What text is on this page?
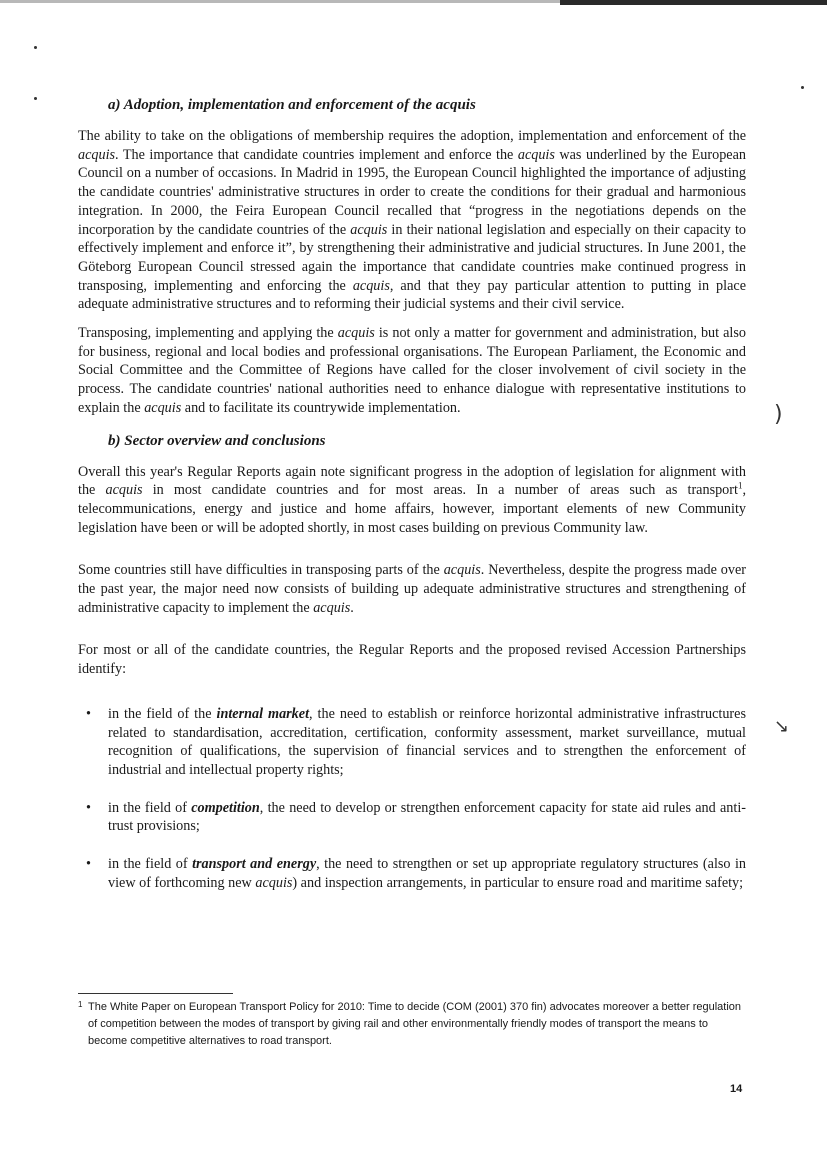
)
↘
a) Adoption, implementation and enforcement of the acquis

The ability to take on the obligations of membership requires the adoption, implementation and enforcement of the acquis. The importance that candidate countries implement and enforce the acquis was underlined by the European Council on a number of occasions. In Madrid in 1995, the European Council highlighted the importance of adjusting the candidate countries' administrative structures in order to create the conditions for their gradual and harmonious integration. In 2000, the Feira European Council recalled that “progress in the negotiations depends on the incorporation by the candidate countries of the acquis in their national legislation and especially on their capacity to effectively implement and enforce it”, by strengthening their administrative and judicial structures. In June 2001, the Göteborg European Council stressed again the importance that candidate countries make continued progress in transposing, implementing and enforcing the acquis, and that they pay particular attention to putting in place adequate administrative structures and to reforming their judicial systems and their civil service.

Transposing, implementing and applying the acquis is not only a matter for government and administration, but also for business, regional and local bodies and professional organisations. The European Parliament, the Economic and Social Committee and the Committee of Regions have called for the closer involvement of civil society in the process. The candidate countries' national authorities need to enhance dialogue with representative institutions to explain the acquis and to facilitate its countrywide implementation.

b) Sector overview and conclusions

Overall this year's Regular Reports again note significant progress in the adoption of legislation for alignment with the acquis in most candidate countries and for most areas. In a number of areas such as transport$^1$, telecommunications, energy and justice and home affairs, however, important elements of new Community legislation have been or will be adopted shortly, in most cases building on previous Community law.

Some countries still have difficulties in transposing parts of the acquis. Nevertheless, despite the progress made over the past year, the major need now consists of building up adequate administrative structures and strengthening of administrative capacity to implement the acquis.

For most or all of the candidate countries, the Regular Reports and the proposed revised Accession Partnerships identify:

• in the field of the internal market, the need to establish or reinforce horizontal administrative infrastructures related to standardisation, accreditation, certification, conformity assessment, market surveillance, mutual recognition of qualifications, the supervision of financial services and to strengthen the enforcement of industrial and intellectual property rights;
• in the field of competition, the need to develop or strengthen enforcement capacity for state aid rules and anti-trust provisions;
• in the field of transport and energy, the need to strengthen or set up appropriate regulatory structures (also in view of forthcoming new acquis) and inspection arrangements, in particular to ensure road and maritime safety;
1 The White Paper on European Transport Policy for 2010: Time to decide (COM (2001) 370 fin) advocates moreover a better regulation of competition between the modes of transport by giving rail and other environmentally friendly modes of transport the means to become competitive alternatives to road transport.
14
